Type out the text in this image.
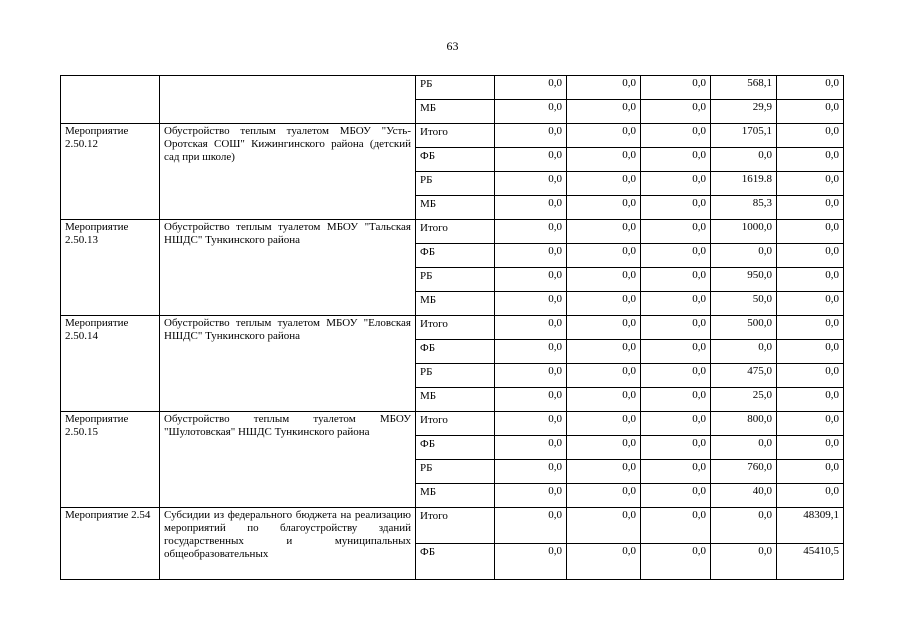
63
		РБ	0,0	0,0	0,0	568,1	0,0
		МБ	0,0	0,0	0,0	29,9	0,0
Мероприятие 2.50.12	Обустройство теплым туалетом МБОУ "Усть-Оротская СОШ" Кижингинского района (детский сад при школе)	Итого	0,0	0,0	0,0	1705,1	0,0
		ФБ	0,0	0,0	0,0	0,0	0,0
		РБ	0,0	0,0	0,0	1619.8	0,0
		МБ	0,0	0,0	0,0	85,3	0,0
Мероприятие 2.50.13	Обустройство теплым туалетом МБОУ "Тальская НШДС" Тункинского района	Итого	0,0	0,0	0,0	1000,0	0,0
		ФБ	0,0	0,0	0,0	0,0	0,0
		РБ	0,0	0,0	0,0	950,0	0,0
		МБ	0,0	0,0	0,0	50,0	0,0
Мероприятие 2.50.14	Обустройство теплым туалетом МБОУ "Еловская НШДС" Тункинского района	Итого	0,0	0,0	0,0	500,0	0,0
		ФБ	0,0	0,0	0,0	0,0	0,0
		РБ	0,0	0,0	0,0	475,0	0,0
		МБ	0,0	0,0	0,0	25,0	0,0
Мероприятие 2.50.15	Обустройство теплым туалетом МБОУ "Шулотовская" НШДС Тункинского района	Итого	0,0	0,0	0,0	800,0	0,0
		ФБ	0,0	0,0	0,0	0,0	0,0
		РБ	0,0	0,0	0,0	760,0	0,0
		МБ	0,0	0,0	0,0	40,0	0,0
Мероприятие 2.54	Субсидии из федерального бюджета на реализацию мероприятий по благоустройству зданий государственных и муниципальных общеобразовательных	Итого	0,0	0,0	0,0	0,0	48309,1
		ФБ	0,0	0,0	0,0	0,0	45410,5
